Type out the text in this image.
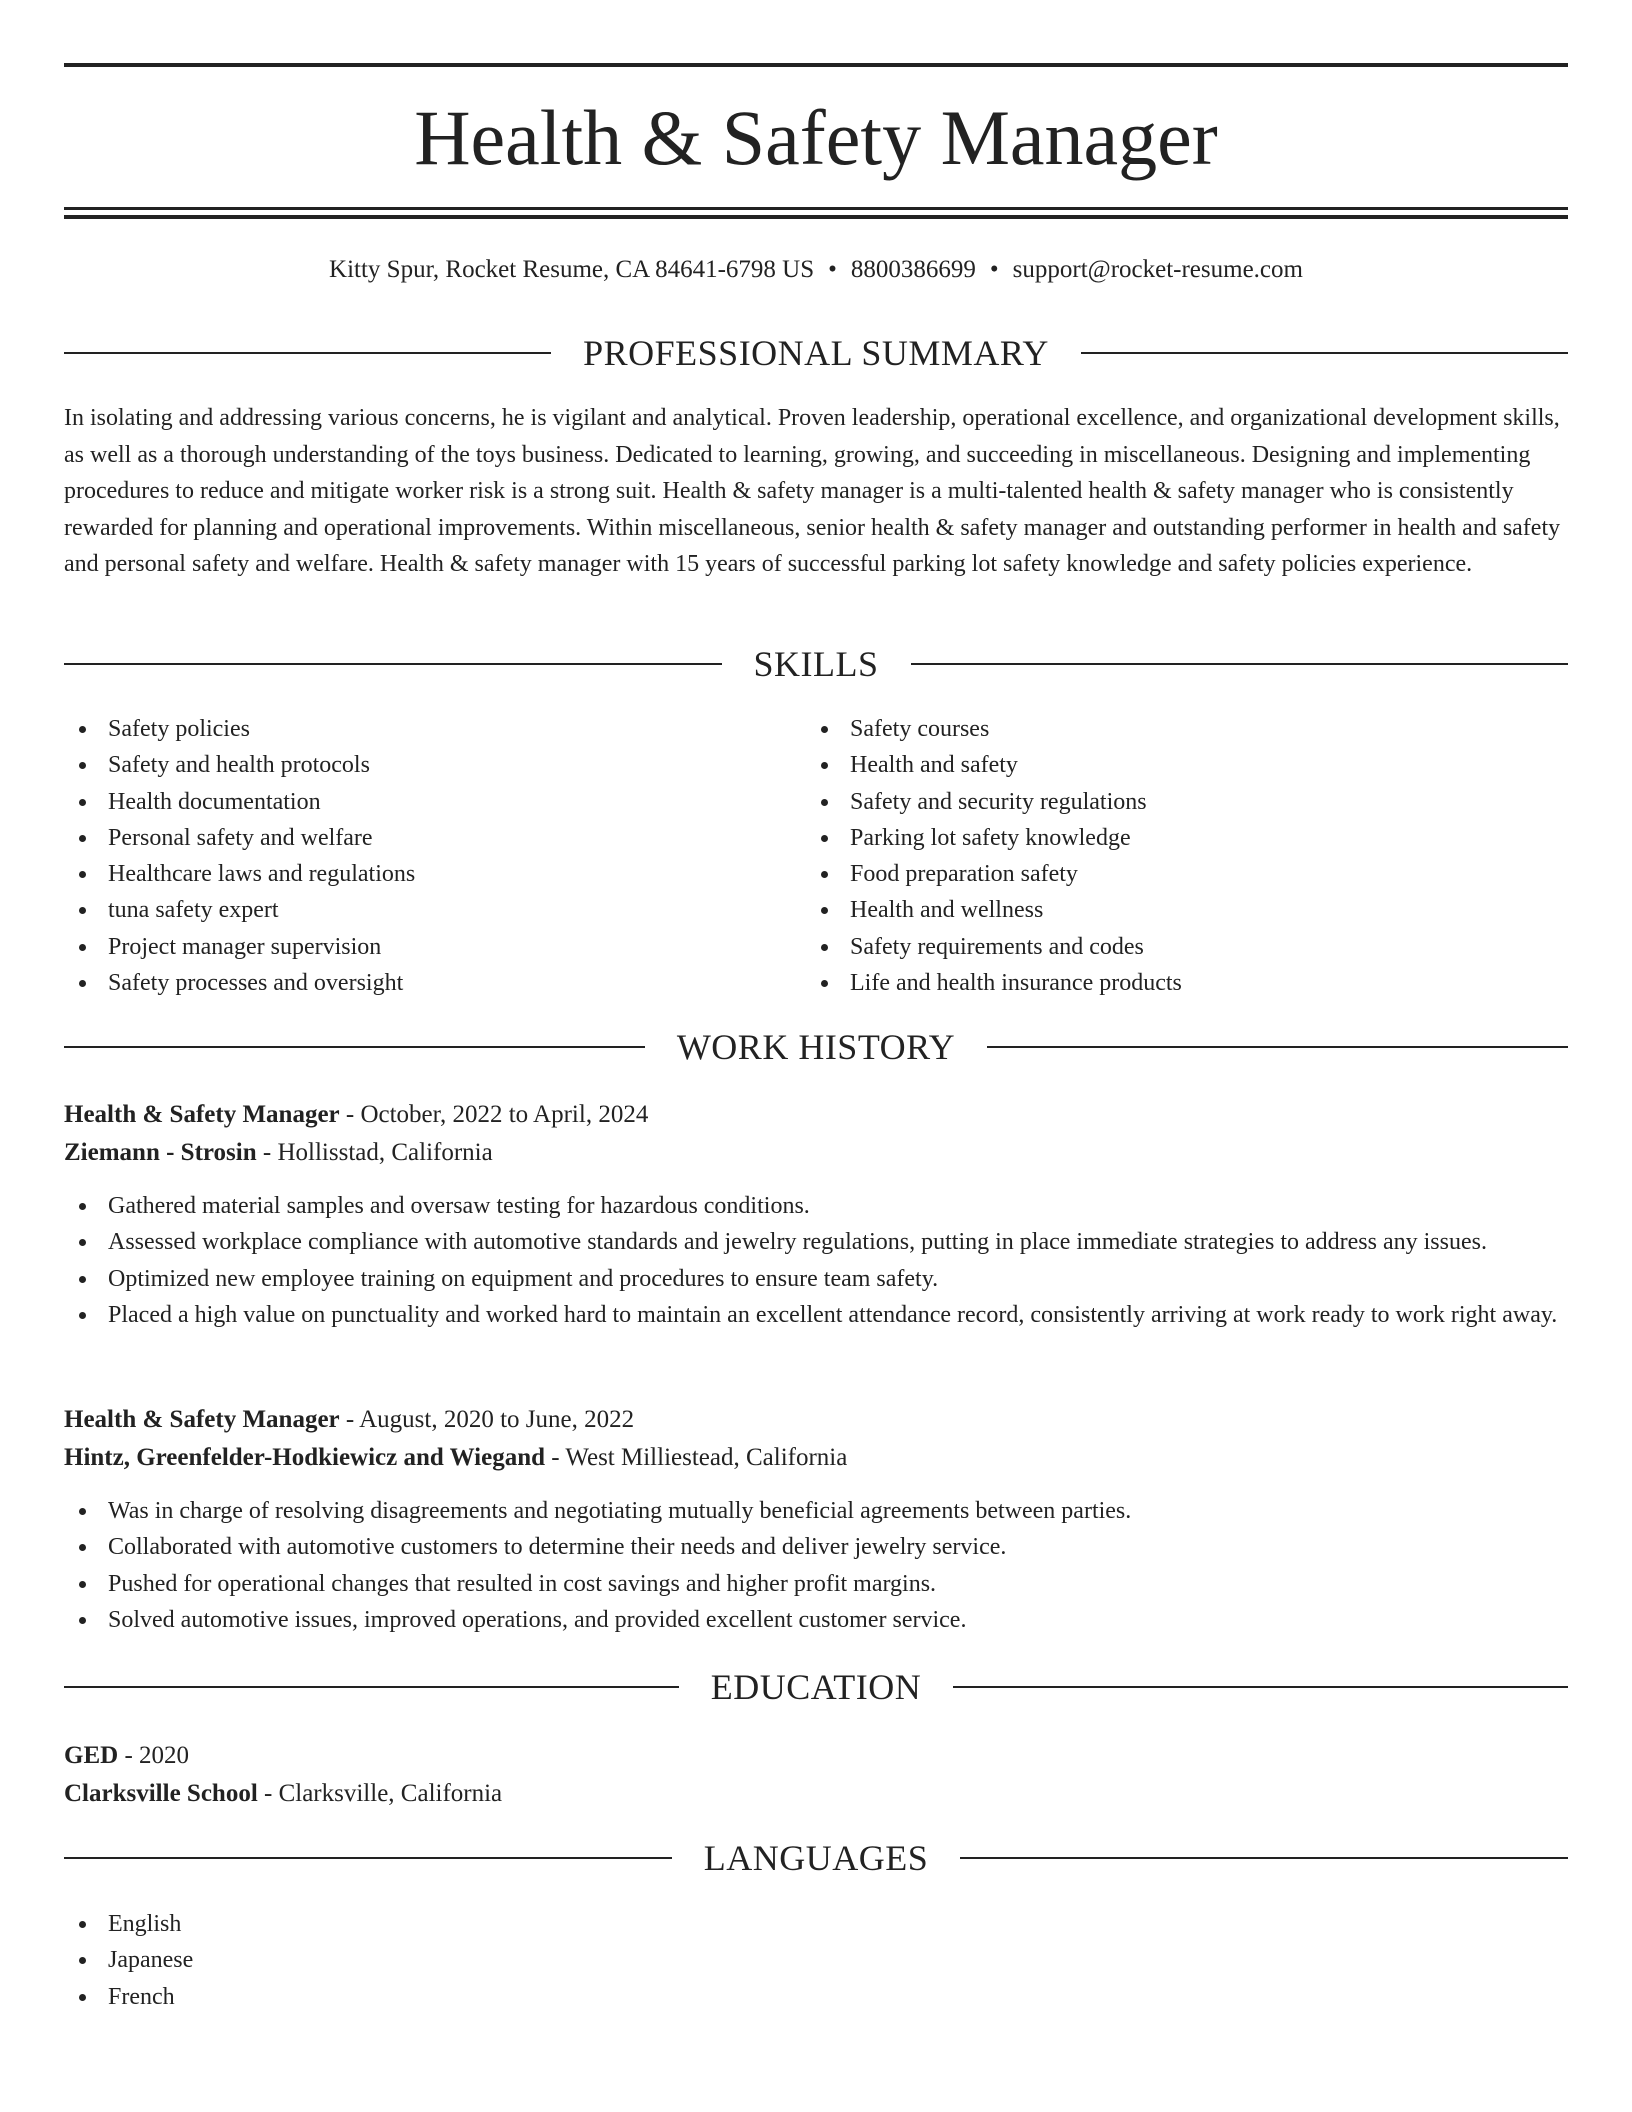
Health & Safety Manager
Kitty Spur, Rocket Resume, CA 84641-6798 US • 8800386699 • support@rocket-resume.com
PROFESSIONAL SUMMARY

In isolating and addressing various concerns, he is vigilant and analytical. Proven leadership, operational excellence, and organizational development skills, as well as a thorough understanding of the toys business. Dedicated to learning, growing, and succeeding in miscellaneous. Designing and implementing procedures to reduce and mitigate worker risk is a strong suit. Health & safety manager is a multi-talented health & safety manager who is consistently rewarded for planning and operational improvements. Within miscellaneous, senior health & safety manager and outstanding performer in health and safety and personal safety and welfare. Health & safety manager with 15 years of successful parking lot safety knowledge and safety policies experience.

SKILLS
Safety policies
Safety and health protocols
Health documentation
Personal safety and welfare
Healthcare laws and regulations
tuna safety expert
Project manager supervision
Safety processes and oversight
Safety courses
Health and safety
Safety and security regulations
Parking lot safety knowledge
Food preparation safety
Health and wellness
Safety requirements and codes
Life and health insurance products
WORK HISTORY
Health & Safety Manager - October, 2022 to April, 2024
Ziemann - Strosin - Hollisstad, California
Gathered material samples and oversaw testing for hazardous conditions.
Assessed workplace compliance with automotive standards and jewelry regulations, putting in place immediate strategies to address any issues.
Optimized new employee training on equipment and procedures to ensure team safety.
Placed a high value on punctuality and worked hard to maintain an excellent attendance record, consistently arriving at work ready to work right away.
Health & Safety Manager - August, 2020 to June, 2022
Hintz, Greenfelder-Hodkiewicz and Wiegand - West Milliestead, California
Was in charge of resolving disagreements and negotiating mutually beneficial agreements between parties.
Collaborated with automotive customers to determine their needs and deliver jewelry service.
Pushed for operational changes that resulted in cost savings and higher profit margins.
Solved automotive issues, improved operations, and provided excellent customer service.
EDUCATION
GED - 2020
Clarksville School - Clarksville, California
LANGUAGES
English
Japanese
French
